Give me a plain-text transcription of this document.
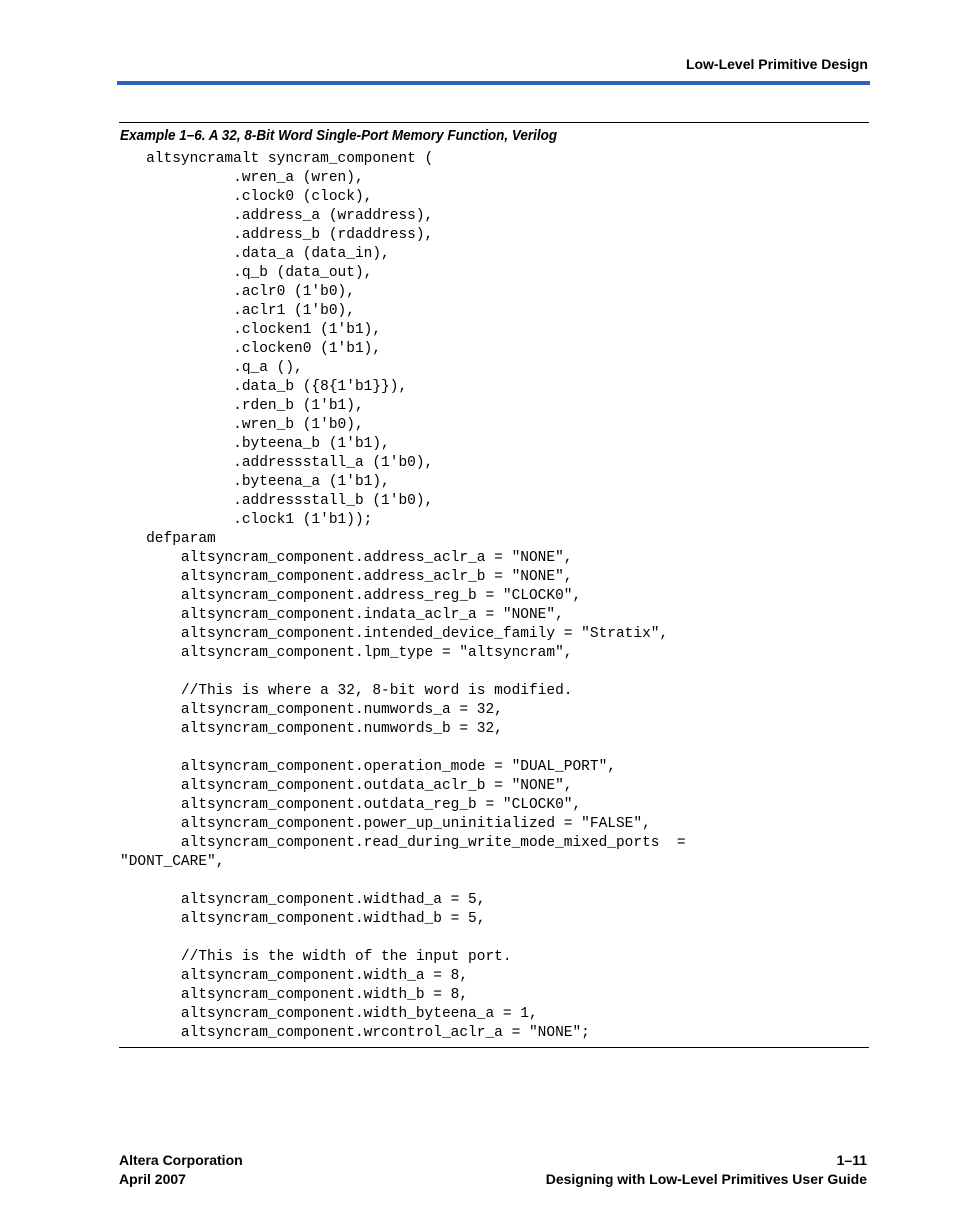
Low-Level Primitive Design
Example 1–6. A 32, 8-Bit Word Single-Port Memory Function, Verilog
altsyncramalt syncram_component (
.wren_a (wren),
.clock0 (clock),
.address_a (wraddress),
.address_b (rdaddress),
.data_a (data_in),
.q_b (data_out),
.aclr0 (1'b0),
.aclr1 (1'b0),
.clocken1 (1'b1),
.clocken0 (1'b1),
.q_a (),
.data_b ({8{1'b1}}),
.rden_b (1'b1),
.wren_b (1'b0),
.byteena_b (1'b1),
.addressstall_a (1'b0),
.byteena_a (1'b1),
.addressstall_b (1'b0),
.clock1 (1'b1));
defparam
altsyncram_component.address_aclr_a = "NONE",
altsyncram_component.address_aclr_b = "NONE",
altsyncram_component.address_reg_b = "CLOCK0",
altsyncram_component.indata_aclr_a = "NONE",
altsyncram_component.intended_device_family = "Stratix",
altsyncram_component.lpm_type = "altsyncram",
//This is where a 32, 8-bit word is modified.
altsyncram_component.numwords_a = 32,
altsyncram_component.numwords_b = 32,
altsyncram_component.operation_mode = "DUAL_PORT",
altsyncram_component.outdata_aclr_b = "NONE",
altsyncram_component.outdata_reg_b = "CLOCK0",
altsyncram_component.power_up_uninitialized = "FALSE",
altsyncram_component.read_during_write_mode_mixed_ports  =
"DONT_CARE",
altsyncram_component.widthad_a = 5,
altsyncram_component.widthad_b = 5,
//This is the width of the input port.
altsyncram_component.width_a = 8,
altsyncram_component.width_b = 8,
altsyncram_component.width_byteena_a = 1,
altsyncram_component.wrcontrol_aclr_a = "NONE";
Altera Corporation
April 2007
1–11
Designing with Low-Level Primitives User Guide
